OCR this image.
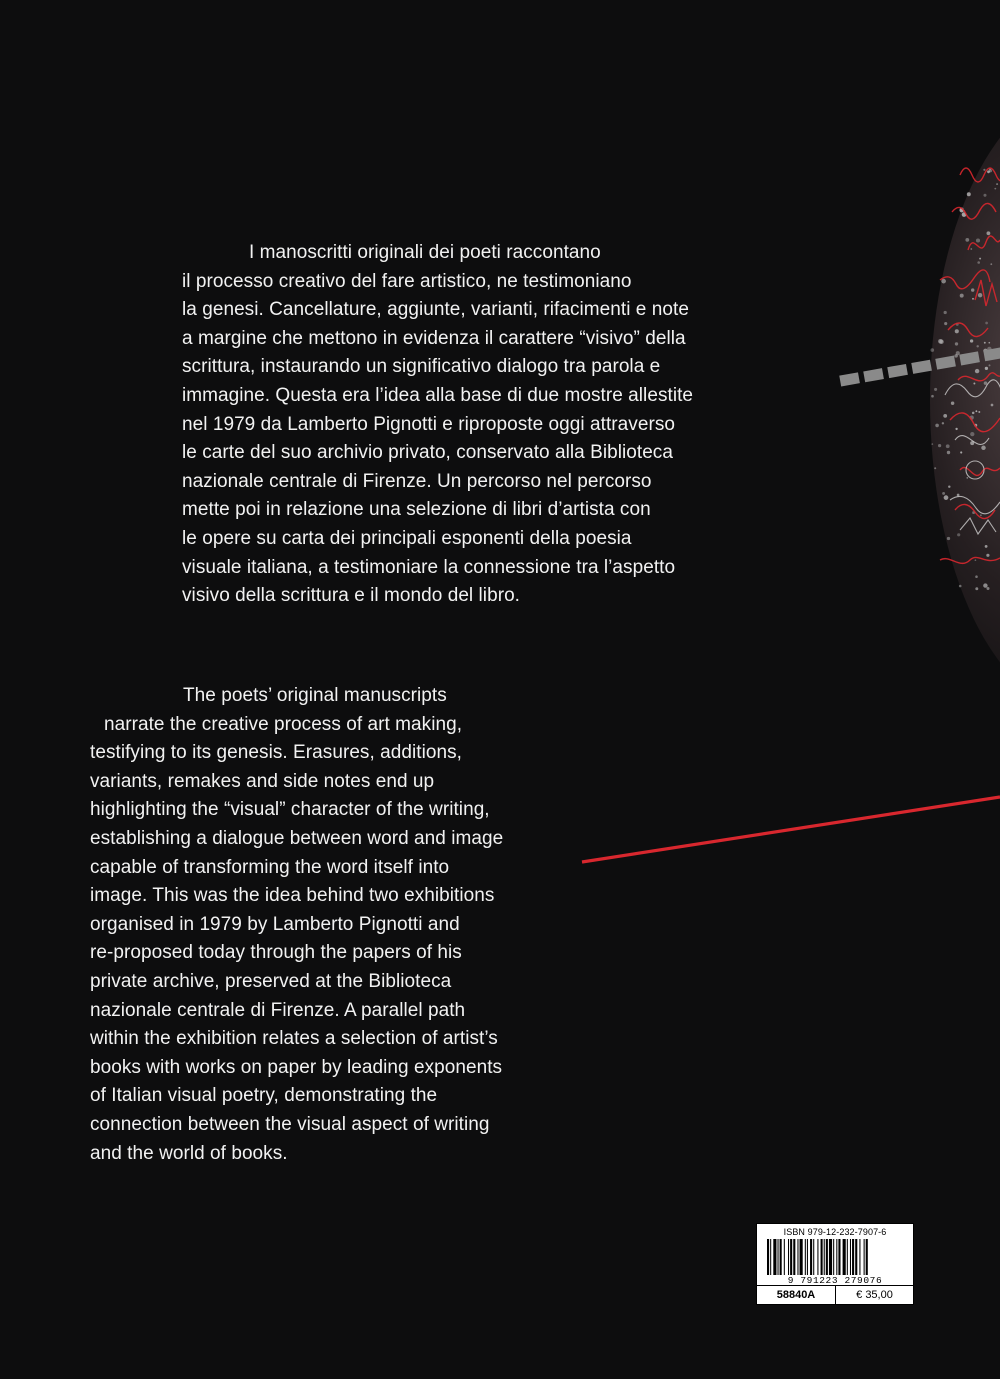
I manoscritti originali dei poeti raccontano
il processo creativo del fare artistico, ne testimoniano
la genesi. Cancellature, aggiunte, varianti, rifacimenti e note
a margine che mettono in evidenza il carattere “visivo” della
scrittura, instaurando un significativo dialogo tra parola e
immagine. Questa era l’idea alla base di due mostre allestite
nel 1979 da Lamberto Pignotti e riproposte oggi attraverso
le carte del suo archivio privato, conservato alla Biblioteca
nazionale centrale di Firenze. Un percorso nel percorso
mette poi in relazione una selezione di libri d’artista con
le opere su carta dei principali esponenti della poesia
visuale italiana, a testimoniare la connessione tra l’aspetto
visivo della scrittura e il mondo del libro.
The poets’ original manuscripts
narrate the creative process of art making,
testifying to its genesis. Erasures, additions,
variants, remakes and side notes end up
highlighting the “visual” character of the writing,
establishing a dialogue between word and image
capable of transforming the word itself into
image. This was the idea behind two exhibitions
organised in 1979 by Lamberto Pignotti and
re-proposed today through the papers of his
private archive, preserved at the Biblioteca
nazionale centrale di Firenze. A parallel path
within the exhibition relates a selection of artist’s
books with works on paper by leading exponents
of Italian visual poetry, demonstrating the
connection between the visual aspect of writing
and the world of books.
ISBN 979-12-232-7907-6
9 791223 279076
58840A	€ 35,00
